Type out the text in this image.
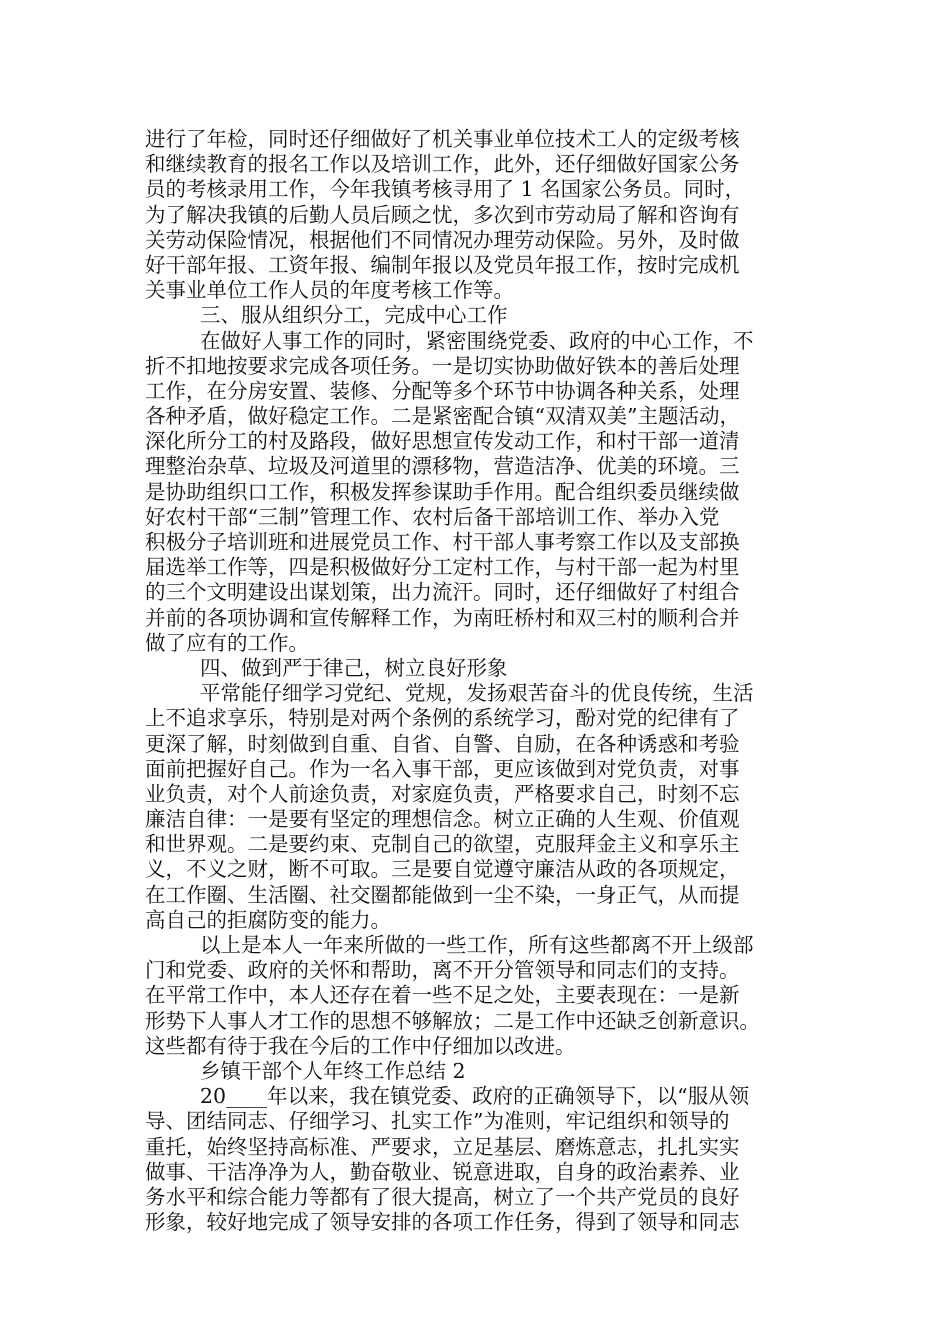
进行了年检，同时还仔细做好了机关事业单位技术工人的定级考核
和继续教育的报名工作以及培训工作，此外，还仔细做好国家公务
员的考核录用工作，今年我镇考核寻用了 1 名国家公务员。同时，
为了解决我镇的后勤人员后顾之忧，多次到市劳动局了解和咨询有
关劳动保险情况，根据他们不同情况办理劳动保险。另外，及时做
好干部年报、工资年报、编制年报以及党员年报工作，按时完成机
关事业单位工作人员的年度考核工作等。
三、服从组织分工，完成中心工作
在做好人事工作的同时，紧密围绕党委、政府的中心工作，不
折不扣地按要求完成各项任务。一是切实协助做好铁本的善后处理
工作，在分房安置、装修、分配等多个环节中协调各种关系，处理
各种矛盾，做好稳定工作。二是紧密配合镇“双清双美”主题活动，
深化所分工的村及路段，做好思想宣传发动工作，和村干部一道清
理整治杂草、垃圾及河道里的漂移物，营造洁净、优美的环境。三
是协助组织口工作，积极发挥参谋助手作用。配合组织委员继续做
好农村干部“三制”管理工作、农村后备干部培训工作、举办入党
积极分子培训班和进展党员工作、村干部人事考察工作以及支部换
届选举工作等，四是积极做好分工定村工作，与村干部一起为村里
的三个文明建设出谋划策，出力流汗。同时，还仔细做好了村组合
并前的各项协调和宣传解释工作，为南旺桥村和双三村的顺利合并
做了应有的工作。
四、做到严于律己，树立良好形象
平常能仔细学习党纪、党规，发扬艰苦奋斗的优良传统，生活
上不追求享乐，特别是对两个条例的系统学习，酚对党的纪律有了
更深了解，时刻做到自重、自省、自警、自励，在各种诱惑和考验
面前把握好自己。作为一名入事干部，更应该做到对党负责，对事
业负责，对个人前途负责，对家庭负责，严格要求自己，时刻不忘
廉洁自律：一是要有坚定的理想信念。树立正确的人生观、价值观
和世界观。二是要约束、克制自己的欲望，克服拜金主义和享乐主
义，不义之财，断不可取。三是要自觉遵守廉洁从政的各项规定，
在工作圈、生活圈、社交圈都能做到一尘不染，一身正气，从而提
高自己的拒腐防变的能力。
以上是本人一年来所做的一些工作，所有这些都离不开上级部
门和党委、政府的关怀和帮助，离不开分管领导和同志们的支持。
在平常工作中，本人还存在着一些不足之处，主要表现在：一是新
形势下人事人才工作的思想不够解放；二是工作中还缺乏创新意识。
这些都有待于我在今后的工作中仔细加以改进。
乡镇干部个人年终工作总结 2
20____年以来，我在镇党委、政府的正确领导下，以“服从领
导、团结同志、仔细学习、扎实工作”为准则，牢记组织和领导的
重托，始终坚持高标准、严要求，立足基层、磨炼意志，扎扎实实
做事、干洁净净为人，勤奋敬业、锐意进取，自身的政治素养、业
务水平和综合能力等都有了很大提高，树立了一个共产党员的良好
形象，较好地完成了领导安排的各项工作任务，得到了领导和同志
